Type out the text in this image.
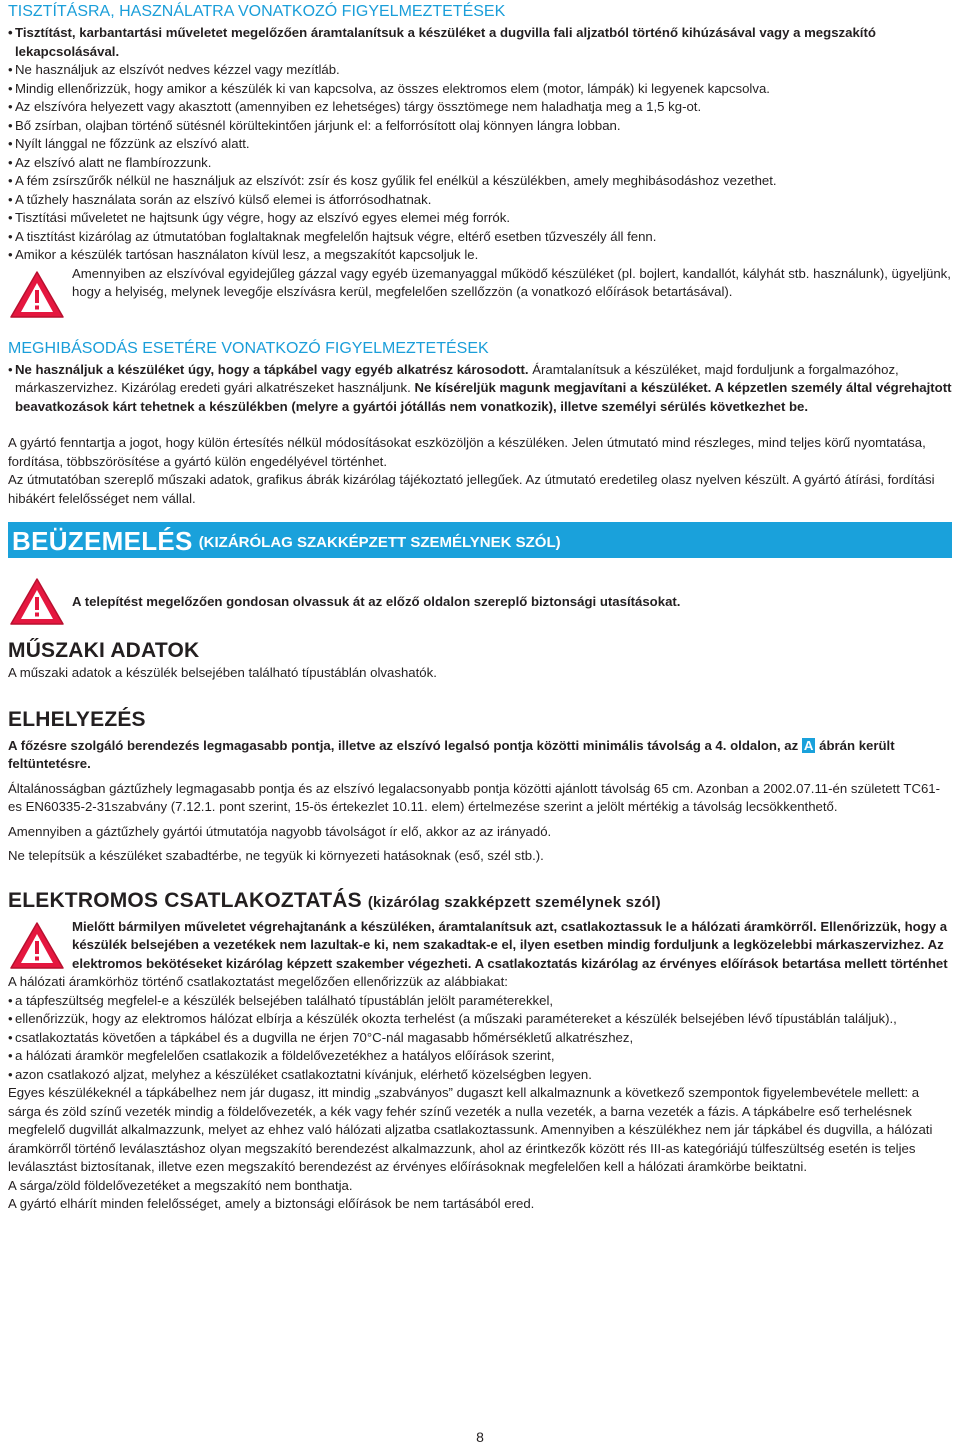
TISZTÍTÁSRA, HASZNÁLATRA VONATKOZÓ FIGYELMEZTETÉSEK

• Tisztítást, karbantartási műveletet megelőzően áramtalanítsuk a készüléket a dugvilla fali aljzatból történő kihúzásával vagy a megszakító lekapcsolásával.

• Ne használjuk az elszívót nedves kézzel vagy mezítláb.

• Mindig ellenőrizzük, hogy amikor a készülék ki van kapcsolva, az összes elektromos elem (motor, lámpák) ki legyenek kapcsolva.

• Az elszívóra helyezett vagy akasztott (amennyiben ez lehetséges) tárgy össztömege nem haladhatja meg a 1,5 kg-ot.

• Bő zsírban, olajban történő sütésnél körültekintően járjunk el: a felforrósított olaj könnyen lángra lobban.

• Nyílt lánggal ne főzzünk az elszívó alatt.

• Az elszívó alatt ne flambírozzunk.

• A fém zsírszűrők nélkül ne használjuk az elszívót: zsír és kosz gyűlik fel enélkül a készülékben, amely meghibásodáshoz vezethet.

• A tűzhely használata során az elszívó külső elemei is átforrósodhatnak.

• Tisztítási műveletet ne hajtsunk úgy végre, hogy az elszívó egyes elemei még forrók.

• A tisztítást kizárólag az útmutatóban foglaltaknak megfelelőn hajtsuk végre, eltérő esetben tűzveszély áll fenn.

• Amikor a készülék tartósan használaton kívül lesz, a megszakítót kapcsoljuk le.

Amennyiben az elszívóval egyidejűleg gázzal vagy egyéb üzemanyaggal működő készüléket (pl. bojlert, kandallót, kályhát stb. használunk), ügyeljünk, hogy a helyiség, melynek levegője elszívásra kerül, megfelelően szellőzzön (a vonatkozó előírások betartásával).

MEGHIBÁSODÁS ESETÉRE VONATKOZÓ FIGYELMEZTETÉSEK

• Ne használjuk a készüléket úgy, hogy a tápkábel vagy egyéb alkatrész károsodott. Áramtalanítsuk a készüléket, majd forduljunk a forgalmazóhoz, márkaszervizhez. Kizárólag eredeti gyári alkatrészeket használjunk. Ne kíséreljük magunk megjavítani a készüléket. A képzetlen személy által végrehajtott beavatkozások kárt tehetnek a készülékben (melyre a gyártói jótállás nem vonatkozik), illetve személyi sérülés következhet be.

A gyártó fenntartja a jogot, hogy külön értesítés nélkül módosításokat eszközöljön a készüléken. Jelen útmutató mind részleges, mind teljes körű nyomtatása, fordítása, többszörösítése a gyártó külön engedélyével történhet.

Az útmutatóban szereplő műszaki adatok, grafikus ábrák kizárólag tájékoztató jellegűek. Az útmutató eredetileg olasz nyelven készült. A gyártó átírási, fordítási hibákért felelősséget nem vállal.

BEÜZEMELÉS (KIZÁRÓLAG SZAKKÉPZETT SZEMÉLYNEK SZÓL)

A telepítést megelőzően gondosan olvassuk át az előző oldalon szereplő biztonsági utasításokat.

MŰSZAKI ADATOK

A műszaki adatok a készülék belsejében található típustáblán olvashatók.

ELHELYEZÉS

A főzésre szolgáló berendezés legmagasabb pontja, illetve az elszívó legalsó pontja közötti minimális távolság a 4. oldalon, az A ábrán került feltüntetésre.

Általánosságban gáztűzhely legmagasabb pontja és az elszívó legalacsonyabb pontja közötti ajánlott távolság 65 cm. Azonban a 2002.07.11-én született TC61-es EN60335-2-31szabvány (7.12.1. pont szerint, 15-ös értekezlet 10.11. elem) értelmezése szerint a jelölt mértékig a távolság lecsökkenthető.

Amennyiben a gáztűzhely gyártói útmutatója nagyobb távolságot ír elő, akkor az az irányadó.

Ne telepítsük a készüléket szabadtérbe, ne tegyük ki környezeti hatásoknak (eső, szél stb.).

ELEKTROMOS CSATLAKOZTATÁS (kizárólag szakképzett személynek szól)

Mielőtt bármilyen műveletet végrehajtanánk a készüléken, áramtalanítsuk azt, csatlakoztassuk le a hálózati áramkörről. Ellenőrizzük, hogy a készülék belsejében a vezetékek nem lazultak-e ki, nem szakadtak-e el, ilyen esetben mindig forduljunk a legközelebbi márkaszervizhez. Az elektromos bekötéseket kizárólag képzett szakember végezheti. A csatlakoztatás kizárólag az érvényes előírások betartása mellett történhet

A hálózati áramkörhöz történő csatlakoztatást megelőzően ellenőrizzük az alábbiakat:

• a tápfeszültség megfelel-e a készülék belsejében található típustáblán jelölt paraméterekkel,

• ellenőrizzük, hogy az elektromos hálózat elbírja a készülék okozta terhelést (a műszaki paramétereket a készülék belsejében lévő típustáblán találjuk).,

• csatlakoztatás követően a tápkábel és a dugvilla ne érjen 70°C-nál magasabb hőmérsékletű alkatrészhez,

• a hálózati áramkör megfelelően csatlakozik a földelővezetékhez a hatályos előírások szerint,

• azon csatlakozó aljzat, melyhez a készüléket csatlakoztatni kívánjuk, elérhető közelségben legyen.

Egyes készülékeknél a tápkábelhez nem jár dugasz, itt mindig „szabványos” dugaszt kell alkalmaznunk a következő szempontok figyelembevétele mellett: a sárga és zöld színű vezeték mindig a földelővezeték, a kék vagy fehér színű vezeték a nulla vezeték, a barna vezeték a fázis. A tápkábelre eső terhelésnek megfelelő dugvillát alkalmazzunk, melyet az ehhez való hálózati aljzatba csatlakoztassunk. Amennyiben a készülékhez nem jár tápkábel és dugvilla, a hálózati áramkörről történő leválasztáshoz olyan megszakító berendezést alkalmazzunk, ahol az érintkezők között rés III-as kategóriájú túlfeszültség esetén is teljes leválasztást biztosítanak, illetve ezen megszakító berendezést az érvényes előírásoknak megfelelően kell a hálózati áramkörbe beiktatni.

A sárga/zöld földelővezetéket a megszakító nem bonthatja.

A gyártó elhárít minden felelősséget, amely a biztonsági előírások be nem tartásából ered.

8
